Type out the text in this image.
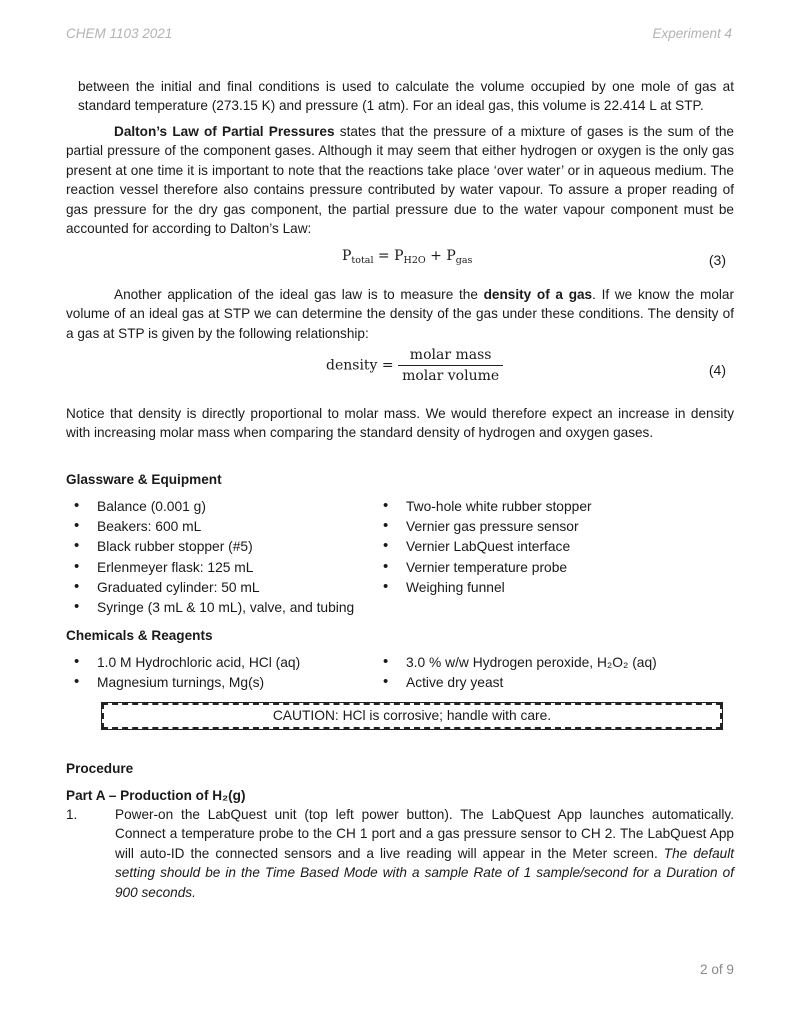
CHEM 1103 2021	Experiment 4

between the initial and final conditions is used to calculate the volume occupied by one mole of gas at standard temperature (273.15 K) and pressure (1 atm). For an ideal gas, this volume is 22.414 L at STP.

Dalton’s Law of Partial Pressures states that the pressure of a mixture of gases is the sum of the partial pressure of the component gases. Although it may seem that either hydrogen or oxygen is the only gas present at one time it is important to note that the reactions take place ‘over water’ or in aqueous medium. The reaction vessel therefore also contains pressure contributed by water vapour. To assure a proper reading of gas pressure for the dry gas component, the partial pressure due to the water vapour component must be accounted for according to Dalton’s Law:

$P_{total} = P_{H2O} + P_{gas}$	(3)

Another application of the ideal gas law is to measure the density of a gas. If we know the molar volume of an ideal gas at STP we can determine the density of the gas under these conditions. The density of a gas at STP is given by the following relationship:

density = $\frac{\text{molar mass}}{\text{molar volume}}$	(4)

Notice that density is directly proportional to molar mass. We would therefore expect an increase in density with increasing molar mass when comparing the standard density of hydrogen and oxygen gases.

Glassware & Equipment
• Balance (0.001 g)
• Beakers: 600 mL
• Black rubber stopper (#5)
• Erlenmeyer flask: 125 mL
• Graduated cylinder: 50 mL
• Syringe (3 mL & 10 mL), valve, and tubing
• Two-hole white rubber stopper
• Vernier gas pressure sensor
• Vernier LabQuest interface
• Vernier temperature probe
• Weighing funnel
Chemicals & Reagents
• 1.0 M Hydrochloric acid, HCl (aq)
• Magnesium turnings, Mg(s)
• 3.0 % w/w Hydrogen peroxide, H₂O₂ (aq)
• Active dry yeast
CAUTION: HCl is corrosive; handle with care.
Procedure
Part A – Production of H₂(g)
1.	Power-on the LabQuest unit (top left power button). The LabQuest App launches automatically. Connect a temperature probe to the CH 1 port and a gas pressure sensor to CH 2. The LabQuest App will auto-ID the connected sensors and a live reading will appear in the Meter screen. The default setting should be in the Time Based Mode with a sample Rate of 1 sample/second for a Duration of 900 seconds.

2 of 9
